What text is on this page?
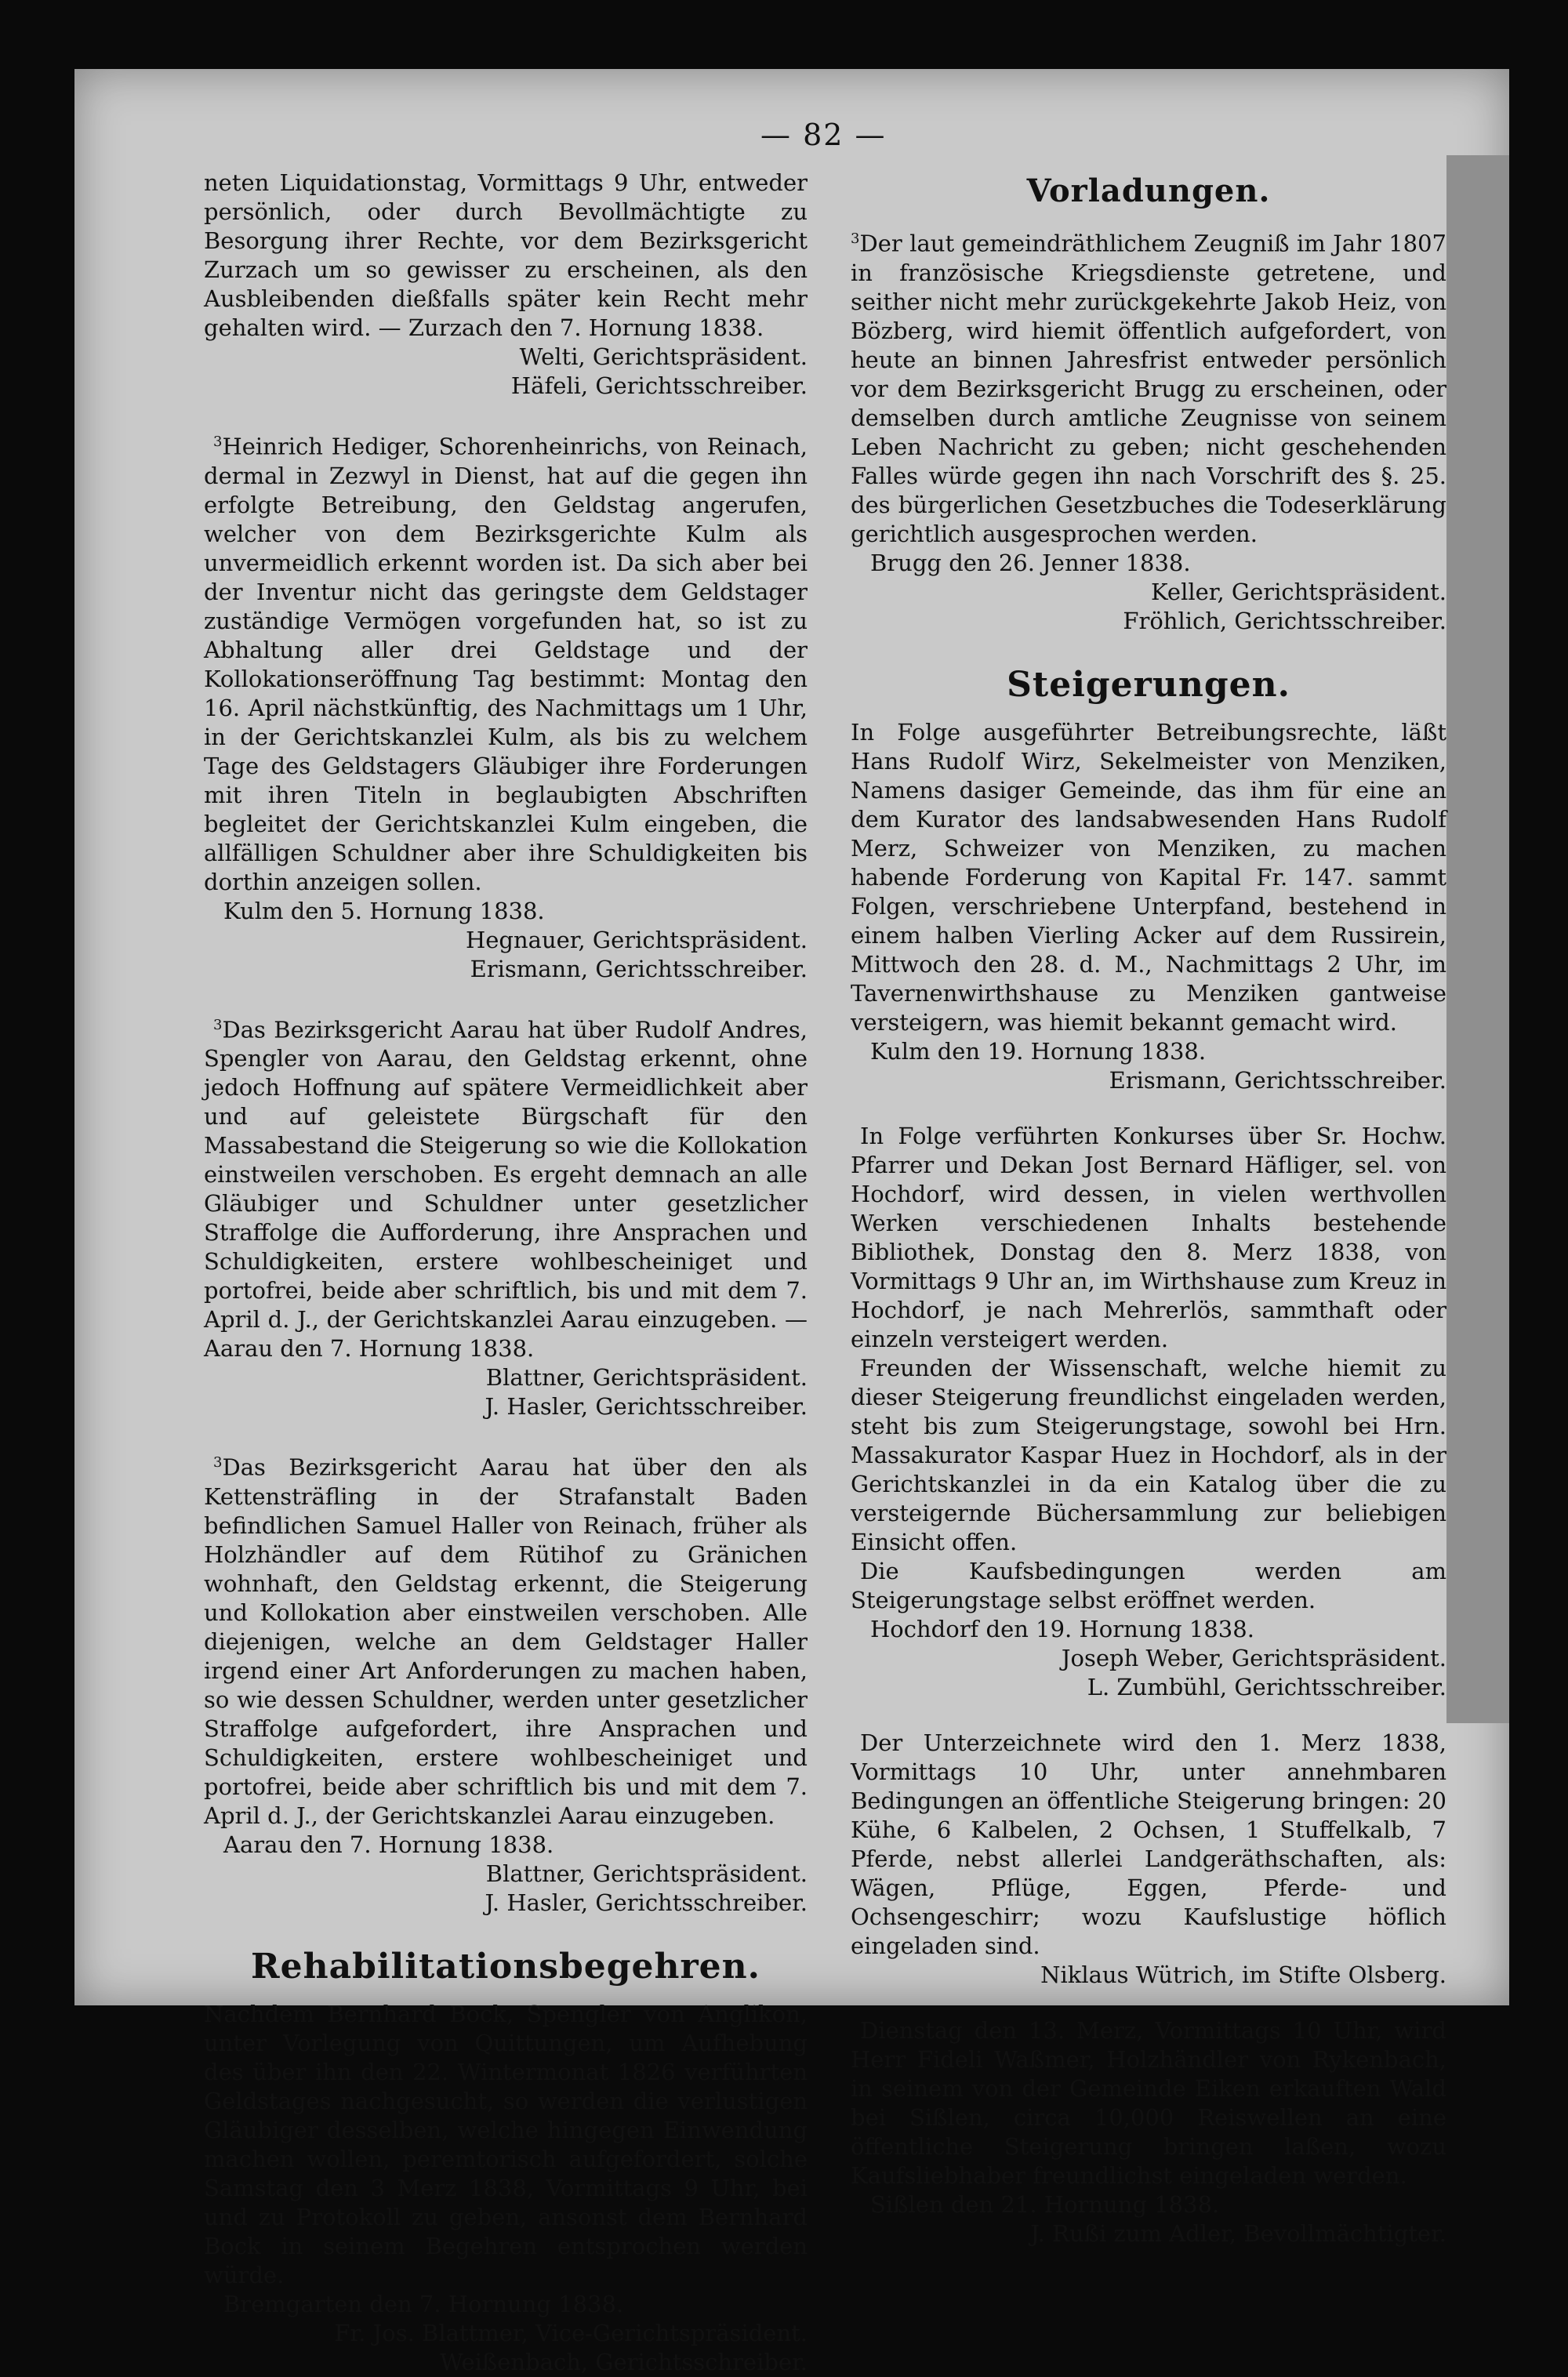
— 82 —

neten Liquidationstag, Vormittags 9 Uhr, entweder persönlich, oder durch Bevollmächtigte zu Besorgung ihrer Rechte, vor dem Bezirksgericht Zurzach um so gewisser zu erscheinen, als den Ausbleibenden dießfalls später kein Recht mehr gehalten wird. — Zurzach den 7. Hornung 1838.

Welti, Gerichtspräsident.

Häfeli, Gerichtsschreiber.

$^3$Heinrich Hediger, Schorenheinrichs, von Reinach, dermal in Zezwyl in Dienst, hat auf die gegen ihn erfolgte Betreibung, den Geldstag angerufen, welcher von dem Bezirksgerichte Kulm als unvermeidlich erkennt worden ist. Da sich aber bei der Inventur nicht das geringste dem Geldstager zuständige Vermögen vorgefunden hat, so ist zu Abhaltung aller drei Geldstage und der Kollokationseröffnung Tag bestimmt: Montag den 16. April nächstkünftig, des Nachmittags um 1 Uhr, in der Gerichtskanzlei Kulm, als bis zu welchem Tage des Geldstagers Gläubiger ihre Forderungen mit ihren Titeln in beglaubigten Abschriften begleitet der Gerichtskanzlei Kulm eingeben, die allfälligen Schuldner aber ihre Schuldigkeiten bis dorthin anzeigen sollen.

Kulm den 5. Hornung 1838.

Hegnauer, Gerichtspräsident.

Erismann, Gerichtsschreiber.

$^3$Das Bezirksgericht Aarau hat über Rudolf Andres, Spengler von Aarau, den Geldstag erkennt, ohne jedoch Hoffnung auf spätere Vermeidlichkeit aber und auf geleistete Bürgschaft für den Massabestand die Steigerung so wie die Kollokation einstweilen verschoben. Es ergeht demnach an alle Gläubiger und Schuldner unter gesetzlicher Straffolge die Aufforderung, ihre Ansprachen und Schuldigkeiten, erstere wohlbescheiniget und portofrei, beide aber schriftlich, bis und mit dem 7. April d. J., der Gerichtskanzlei Aarau einzugeben. — Aarau den 7. Hornung 1838.

Blattner, Gerichtspräsident.

J. Hasler, Gerichtsschreiber.

$^3$Das Bezirksgericht Aarau hat über den als Kettensträfling in der Strafanstalt Baden befindlichen Samuel Haller von Reinach, früher als Holzhändler auf dem Rütihof zu Gränichen wohnhaft, den Geldstag erkennt, die Steigerung und Kollokation aber einstweilen verschoben. Alle diejenigen, welche an dem Geldstager Haller irgend einer Art Anforderungen zu machen haben, so wie dessen Schuldner, werden unter gesetzlicher Straffolge aufgefordert, ihre Ansprachen und Schuldigkeiten, erstere wohlbescheiniget und portofrei, beide aber schriftlich bis und mit dem 7. April d. J., der Gerichtskanzlei Aarau einzugeben.

Aarau den 7. Hornung 1838.

Blattner, Gerichtspräsident.

J. Hasler, Gerichtsschreiber.

Rehabilitationsbegehren.

Nachdem Bernhard Bock, Spengler von Anglikon, unter Vorlegung von Quittungen, um Aufhebung des über ihn den 22. Wintermonat 1826 verführten Geldstages nachgesucht, so werden die verlustigen Gläubiger desselben, welche hingegen Einwendung machen wollen, peremtorisch aufgefordert, solche Samstag den 3 Merz 1838, Vormittags 9 Uhr, bei und zu Protokoll zu geben, ansonst dem Bernhard Bock in seinem Begehren entsprochen werden würde.

Bremgarten den 7. Hornung 1838.

Fr. Jos. Blattmer, Vice-Gerichtspräsident.

Weißenbach, Gerichtsschreiber.

Vorladungen.

$^3$Der laut gemeindräthlichem Zeugniß im Jahr 1807 in französische Kriegsdienste getretene, und seither nicht mehr zurückgekehrte Jakob Heiz, von Bözberg, wird hiemit öffentlich aufgefordert, von heute an binnen Jahresfrist entweder persönlich vor dem Bezirksgericht Brugg zu erscheinen, oder demselben durch amtliche Zeugnisse von seinem Leben Nachricht zu geben; nicht geschehenden Falles würde gegen ihn nach Vorschrift des §. 25. des bürgerlichen Gesetzbuches die Todeserklärung gerichtlich ausgesprochen werden.

Brugg den 26. Jenner 1838.

Keller, Gerichtspräsident.

Fröhlich, Gerichtsschreiber.

Steigerungen.

In Folge ausgeführter Betreibungsrechte, läßt Hans Rudolf Wirz, Sekelmeister von Menziken, Namens dasiger Gemeinde, das ihm für eine an dem Kurator des landsabwesenden Hans Rudolf Merz, Schweizer von Menziken, zu machen habende Forderung von Kapital Fr. 147. sammt Folgen, verschriebene Unterpfand, bestehend in einem halben Vierling Acker auf dem Russirein, Mittwoch den 28. d. M., Nachmittags 2 Uhr, im Tavernenwirthshause zu Menziken gantweise versteigern, was hiemit bekannt gemacht wird.

Kulm den 19. Hornung 1838.

Erismann, Gerichtsschreiber.

In Folge verführten Konkurses über Sr. Hochw. Pfarrer und Dekan Jost Bernard Häfliger, sel. von Hochdorf, wird dessen, in vielen werthvollen Werken verschiedenen Inhalts bestehende Bibliothek, Donstag den 8. Merz 1838, von Vormittags 9 Uhr an, im Wirthshause zum Kreuz in Hochdorf, je nach Mehrerlös, sammthaft oder einzeln versteigert werden.

Freunden der Wissenschaft, welche hiemit zu dieser Steigerung freundlichst eingeladen werden, steht bis zum Steigerungstage, sowohl bei Hrn. Massakurator Kaspar Huez in Hochdorf, als in der Gerichtskanzlei in da ein Katalog über die zu versteigernde Büchersammlung zur beliebigen Einsicht offen.

Die Kaufsbedingungen werden am Steigerungstage selbst eröffnet werden.

Hochdorf den 19. Hornung 1838.

Joseph Weber, Gerichtspräsident.

L. Zumbühl, Gerichtsschreiber.

Der Unterzeichnete wird den 1. Merz 1838, Vormittags 10 Uhr, unter annehmbaren Bedingungen an öffentliche Steigerung bringen: 20 Kühe, 6 Kalbelen, 2 Ochsen, 1 Stuffelkalb, 7 Pferde, nebst allerlei Landgeräthschaften, als: Wägen, Pflüge, Eggen, Pferde- und Ochsengeschirr; wozu Kaufslustige höflich eingeladen sind.

Niklaus Wütrich, im Stifte Olsberg.

Dienstag den 13. Merz, Vormittags 10 Uhr, wird Herr Fideli Waßmer, Holzhändler von Rykenbach, in seinem von der Gemeinde Eiken erkauften Wald bei Sißlen, circa 10,000 Reiswellen an eine öffentliche Steigerung bringen laßen, wozu Kaufsliebhaber freundlichst eingeladen werden.

Sißlen den 21. Hornung 1838.

J. Rußi zum Adler, Bevollmächtigter.
